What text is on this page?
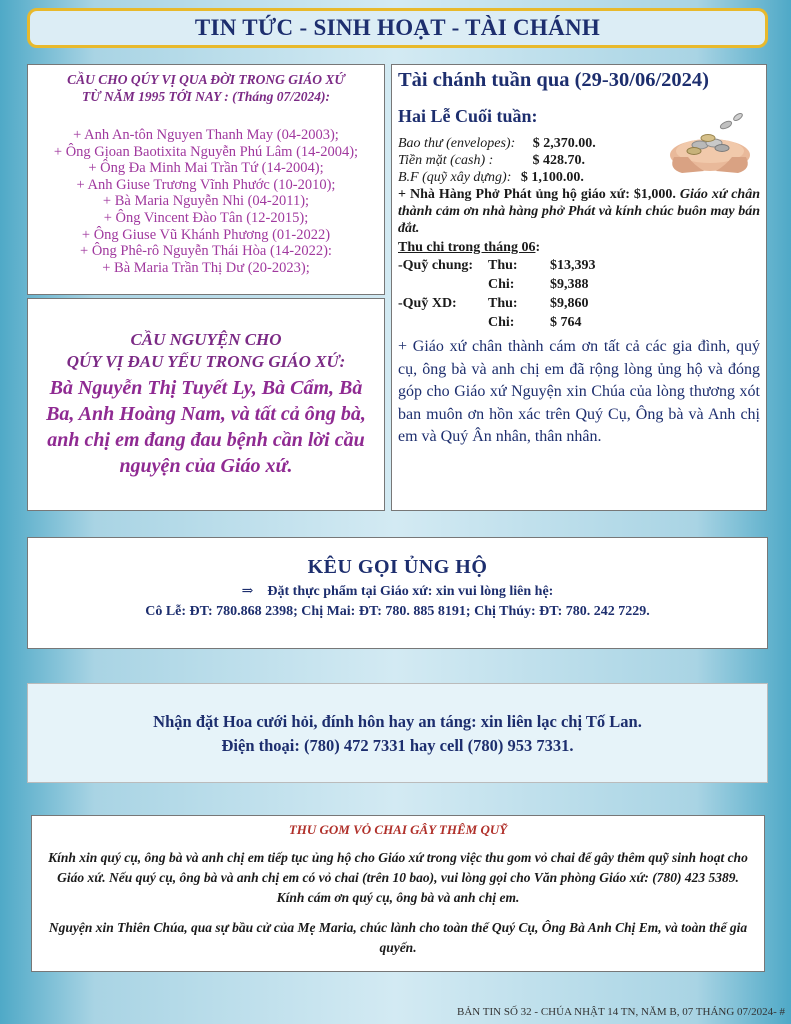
TIN TỨC - SINH HOẠT - TÀI CHÁNH
CẦU CHO QÚY VỊ QUA ĐỜI TRONG GIÁO XỨ
TỪ NĂM 1995 TỚI NAY : (Tháng 07/2024):
+ Anh An-tôn Nguyen Thanh May (04-2003);
+ Ông Gịoan Baotixita Nguyễn Phú Lâm (14-2004);
+ Ông Đa Minh Mai Trần Tứ (14-2004);
+ Anh Giuse Trương Vĩnh Phước (10-2010);
+ Bà Maria Nguyễn Nhi (04-2011);
+ Ông Vincent Đào Tân (12-2015);
+ Ông Giuse Vũ Khánh Phương (01-2022)
+ Ông Phê-rô Nguyễn Thái Hòa (14-2022):
+ Bà Maria Trần Thị Dư (20-2023);
CẦU NGUYỆN CHO
QÚY VỊ ĐAU YẾU TRONG GIÁO XỨ:
Bà Nguyễn Thị Tuyết Ly, Bà Cẩm, Bà Ba, Anh Hoàng Nam, và tất cả ông bà, anh chị em đang đau bệnh cần lời cầu nguyện của Giáo xứ.
Tài chánh tuần qua (29-30/06/2024)
Hai Lễ Cuối tuần:
Bao thư (envelopes): $ 2,370.00.
Tiền mặt (cash) :	$ 428.70.
B.F (quỹ xây dựng): $ 1,100.00.
+ Nhà Hàng Phở Phát ủng hộ giáo xứ: $1,000. Giáo xứ chân thành cảm ơn nhà hàng phở Phát và kính chúc buôn may bán đắt.
Thu chi trong tháng 06:
-Quỹ chung:	Thu:	$13,393
Chi:	$9,388
-Quỹ XD:	Thu:	$9,860
Chi:	$ 764
+ Giáo xứ chân thành cám ơn tất cả các gia đình, quý cụ, ông bà và anh chị em đã rộng lòng ủng hộ và đóng góp cho Giáo xứ Nguyện xin Chúa của lòng thương xót ban muôn ơn hồn xác trên Quý Cụ, Ông bà và Anh chị em và Quý Ân nhân, thân nhân.
KÊU GỌI ỦNG HỘ
⇒ Đặt thực phẩm tại Giáo xứ: xin vui lòng liên hệ:
Cô Lễ: ĐT: 780.868 2398; Chị Mai: ĐT: 780. 885 8191; Chị Thúy: ĐT: 780. 242 7229.
Nhận đặt Hoa cưới hỏi, đính hôn hay an táng: xin liên lạc chị Tố Lan.
Điện thoại: (780) 472 7331 hay cell (780) 953 7331.
THU GOM VỎ CHAI GÂY THÊM QUỸ
Kính xin quý cụ, ông bà và anh chị em tiếp tục ủng hộ cho Giáo xứ trong việc thu gom vỏ chai để gây thêm quỹ sinh hoạt cho Giáo xứ. Nếu quý cụ, ông bà và anh chị em có vỏ chai (trên 10 bao), vui lòng gọi cho Văn phòng Giáo xứ: (780) 423 5389. Kính cám ơn quý cụ, ông bà và anh chị em.
Nguyện xin Thiên Chúa, qua sự bầu cử của Mẹ Maria, chúc lành cho toàn thể Quý Cụ, Ông Bà Anh Chị Em, và toàn thể gia quyến.
BẢN TIN SỐ 32 - CHÚA NHẬT 14 TN, NĂM B, 07 THÁNG 07/2024- #
